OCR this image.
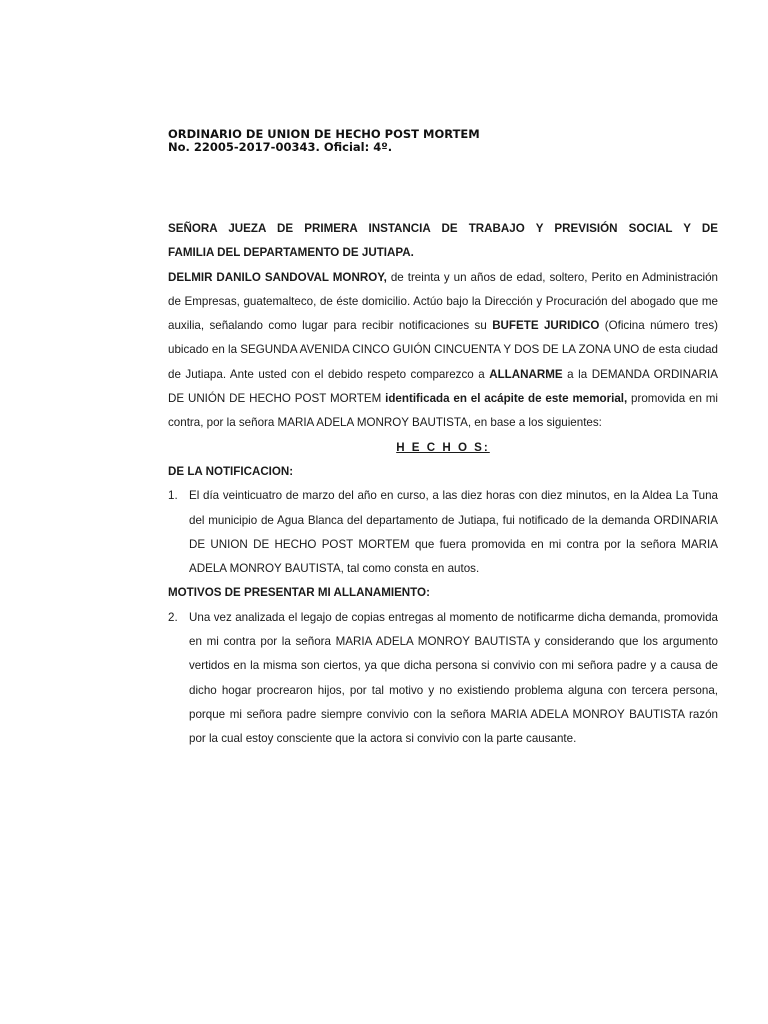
ORDINARIO DE UNION DE HECHO POST MORTEM
No. 22005-2017-00343. Oficial: 4º.

SEÑORA JUEZA DE PRIMERA INSTANCIA DE TRABAJO Y PREVISIÓN SOCIAL Y DE

FAMILIA DEL DEPARTAMENTO DE JUTIAPA.

DELMIR DANILO SANDOVAL MONROY, de treinta y un años de edad, soltero, Perito en Administración de Empresas, guatemalteco, de éste domicilio. Actúo bajo la Dirección y Procuración del abogado que me auxilia, señalando como lugar para recibir notificaciones su BUFETE JURIDICO (Oficina número tres) ubicado en la SEGUNDA AVENIDA CINCO GUIÓN CINCUENTA Y DOS DE LA ZONA UNO de esta ciudad de Jutiapa. Ante usted con el debido respeto comparezco a ALLANARME a la DEMANDA ORDINARIA DE UNIÓN DE HECHO POST MORTEM identificada en el acápite de este memorial, promovida en mi contra, por la señora MARIA ADELA MONROY BAUTISTA, en base a los siguientes:

H E C H O S:

DE LA NOTIFICACION:

1. El día veinticuatro de marzo del año en curso, a las diez horas con diez minutos, en la Aldea La Tuna del municipio de Agua Blanca del departamento de Jutiapa, fui notificado de la demanda ORDINARIA DE UNION DE HECHO POST MORTEM que fuera promovida en mi contra por la señora MARIA ADELA MONROY BAUTISTA, tal como consta en autos.

MOTIVOS DE PRESENTAR MI ALLANAMIENTO:

2. Una vez analizada el legajo de copias entregas al momento de notificarme dicha demanda, promovida en mi contra por la señora MARIA ADELA MONROY BAUTISTA y considerando que los argumento vertidos en la misma son ciertos, ya que dicha persona si convivio con mi señora padre y a causa de dicho hogar procrearon hijos, por tal motivo y no existiendo problema alguna con tercera persona, porque mi señora padre siempre convivio con la señora MARIA ADELA MONROY BAUTISTA razón por la cual estoy consciente que la actora si convivio con la parte causante.
